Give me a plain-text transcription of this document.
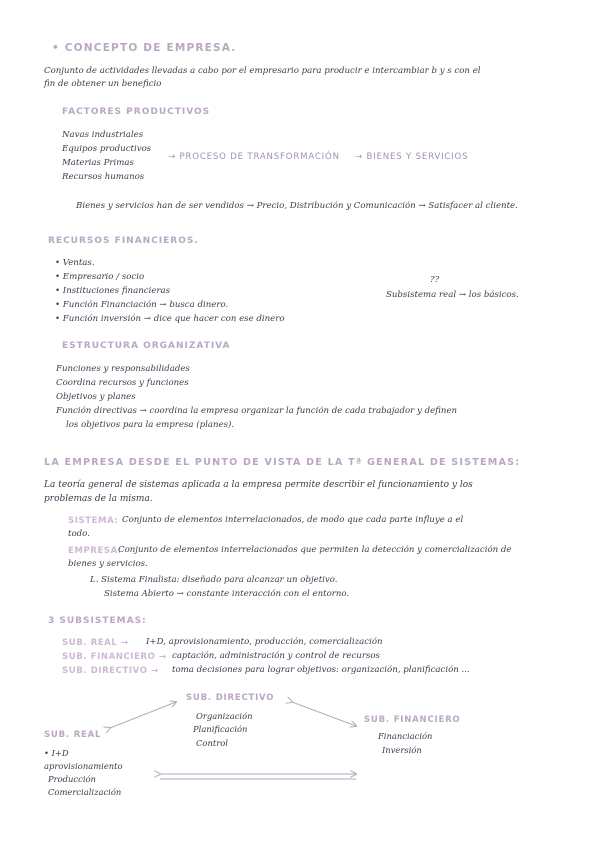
• CONCEPTO DE EMPRESA.
Conjunto de actividades llevadas a cabo por el empresario para producir e intercambiar b y s con el
fin de obtener un beneficio
FACTORES PRODUCTIVOS
Navas industriales
Equipos productivos
Materias Primas
Recursos humanos
→ PROCESO DE TRANSFORMACIÓN → BIENES Y SERVICIOS
Bienes y servicios han de ser vendidos → Precio, Distribución y Comunicación → Satisfacer al cliente.
RECURSOS FINANCIEROS.
• Ventas.
• Empresario / socio
• Instituciones financieras
• Función Financiación → busca dinero.
• Función inversión → dice que hacer con ese dinero
??
Subsistema real → los básicos.
ESTRUCTURA ORGANIZATIVA
Funciones y responsabilidades
Coordina recursos y funciones
Objetivos y planes
Función directivas → coordina la empresa organizar la función de cada trabajador y definen
los objetivos para la empresa (planes).
LA EMPRESA DESDE EL PUNTO DE VISTA DE LA Tª GENERAL DE SISTEMAS:
La teoría general de sistemas aplicada a la empresa permite describir el funcionamiento y los
problemas de la misma.
SISTEMA: Conjunto de elementos interrelacionados, de modo que cada parte influye a el
todo.
EMPRESA:
Conjunto de elementos interrelacionados que permiten la detección y comercialización de
bienes y servicios.
L. Sistema Finalista: diseñado para alcanzar un objetivo.
Sistema Abierto → constante interacción con el entorno.
3 SUBSISTEMAS:
SUB. REAL → I+D, aprovisionamiento, producción, comercialización
SUB. FINANCIERO → captación, administración y control de recursos
SUB. DIRECTIVO → toma decisiones para lograr objetivos: organización, planificación ...
SUB. DIRECTIVO
Organización
Planificación
Control
SUB. REAL
• I+D
aprovisionamiento
Producción
Comercialización
SUB. FINANCIERO
Financiación
Inversión
